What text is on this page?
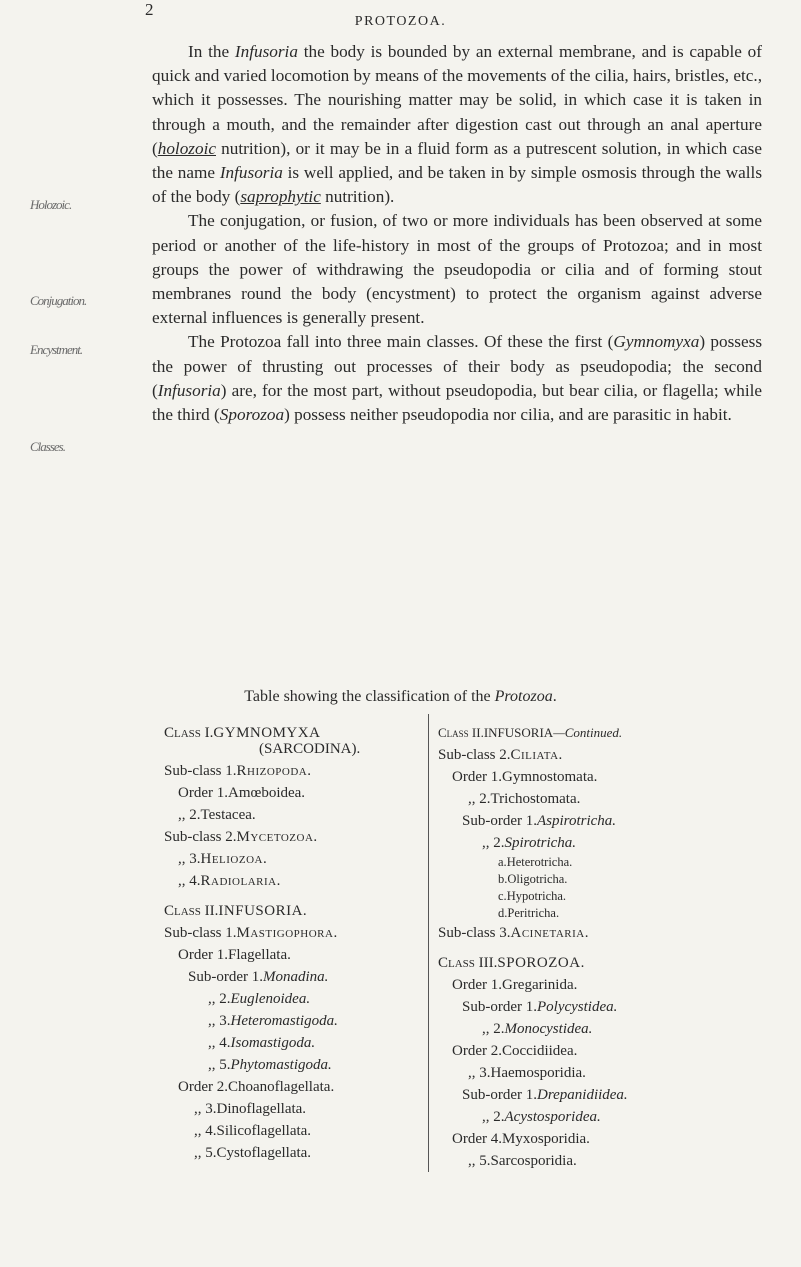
2
PROTOZOA.
Holozoic.
Conjugation.
Encystment.
Classes.

In the Infusoria the body is bounded by an external membrane, and is capable of quick and varied locomotion by means of the movements of the cilia, hairs, bristles, etc., which it possesses. The nourishing matter may be solid, in which case it is taken in through a mouth, and the remainder after digestion cast out through an anal aperture (holozoic nutrition), or it may be in a fluid form as a putrescent solution, in which case the name Infusoria is well applied, and be taken in by simple osmosis through the walls of the body (saprophytic nutrition).

The conjugation, or fusion, of two or more individuals has been observed at some period or another of the life-history in most of the groups of Protozoa; and in most groups the power of withdrawing the pseudopodia or cilia and of forming stout membranes round the body (encystment) to protect the organism against adverse external influences is generally present.

The Protozoa fall into three main classes. Of these the first (Gymnomyxa) possess the power of thrusting out processes of their body as pseudopodia; the second (Infusoria) are, for the most part, without pseudopodia, but bear cilia, or flagella; while the third (Sporozoa) possess neither pseudopodia nor cilia, and are parasitic in habit.

Table showing the classification of the Protozoa.
Class I.GYMNOMYXA
(SARCODINA).
Sub-class 1.Rhizopoda.
Order 1.Amœboidea.
,, 2.Testacea.
Sub-class 2.Mycetozoa.
,, 3.Heliozoa.
,, 4.Radiolaria.
Class II.INFUSORIA.
Sub-class 1.Mastigophora.
Order 1.Flagellata.
Sub-order 1.Monadina.
,, 2.Euglenoidea.
,, 3.Heteromastigoda.
,, 4.Isomastigoda.
,, 5.Phytomastigoda.
Order 2.Choanoflagellata.
,, 3.Dinoflagellata.
,, 4.Silicoflagellata.
,, 5.Cystoflagellata.
Class II.INFUSORIA—Continued.
Sub-class 2.Ciliata.
Order 1.Gymnostomata.
,, 2.Trichostomata.
Sub-order 1.Aspirotricha.
,, 2.Spirotricha.
a.Heterotricha.
b.Oligotricha.
c.Hypotricha.
d.Peritricha.
Sub-class 3.Acinetaria.
Class III.SPOROZOA.
Order 1.Gregarinida.
Sub-order 1.Polycystidea.
,, 2.Monocystidea.
Order 2.Coccidiidea.
,, 3.Haemosporidia.
Sub-order 1.Drepanidiidea.
,, 2.Acystosporidea.
Order 4.Myxosporidia.
,, 5.Sarcosporidia.
